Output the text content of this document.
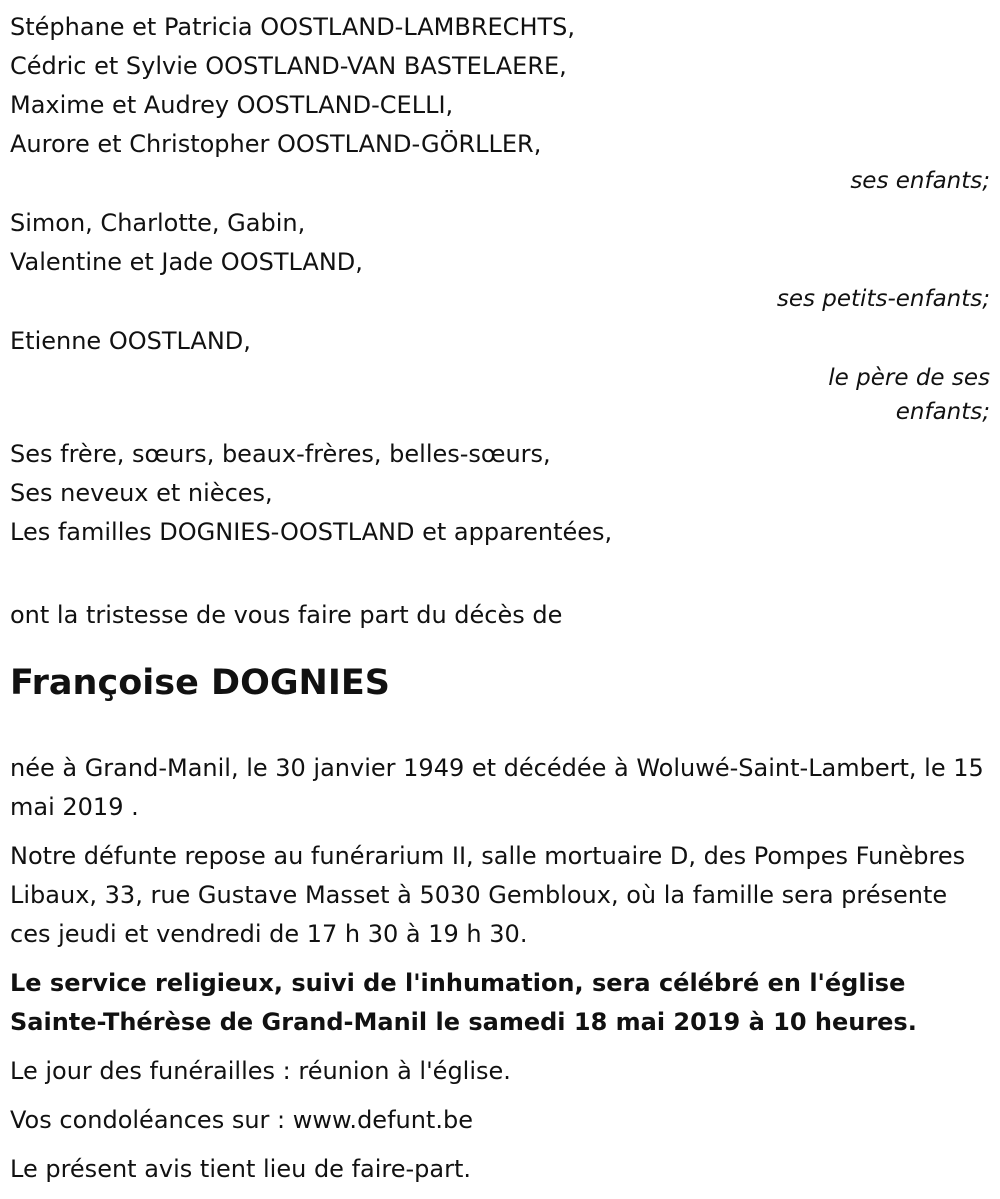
Stéphane et Patricia OOSTLAND-LAMBRECHTS,
Cédric et Sylvie OOSTLAND-VAN BASTELAERE,
Maxime et Audrey OOSTLAND-CELLI,
Aurore et Christopher OOSTLAND-GÖRLLER,
ses enfants;
Simon, Charlotte, Gabin,
Valentine et Jade OOSTLAND,
ses petits-enfants;
Etienne OOSTLAND,
le père de ses
enfants;
Ses frère, sœurs, beaux-frères, belles-sœurs,
Ses neveux et nièces,
Les familles DOGNIES-OOSTLAND et apparentées,
ont la tristesse de vous faire part du décès de
Françoise DOGNIES
née à Grand-Manil, le 30 janvier 1949 et décédée à Woluwé-Saint-Lambert, le 15 mai 2019 .
Notre défunte repose au funérarium II, salle mortuaire D, des Pompes Funèbres Libaux, 33, rue Gustave Masset à 5030 Gembloux, où la famille sera présente ces jeudi et vendredi de 17 h 30 à 19 h 30.
Le service religieux, suivi de l'inhumation, sera célébré en l'église Sainte-Thérèse de Grand-Manil le samedi 18 mai 2019 à 10 heures.
Le jour des funérailles : réunion à l'église.
Vos condoléances sur : www.defunt.be
Le présent avis tient lieu de faire-part.
